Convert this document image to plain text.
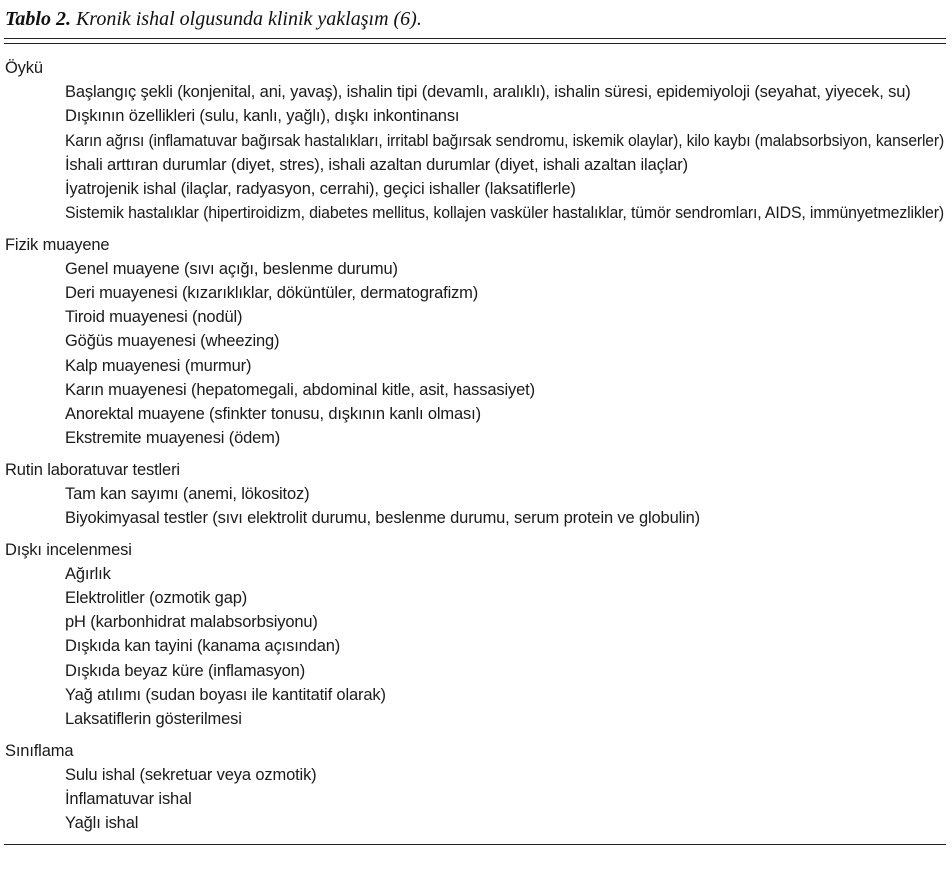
Tablo 2. Kronik ishal olgusunda klinik yaklaşım (6).
Öykü
Başlangıç şekli (konjenital, ani, yavaş), ishalin tipi (devamlı, aralıklı), ishalin süresi, epidemiyoloji (seyahat, yiyecek, su)
Dışkının özellikleri (sulu, kanlı, yağlı), dışkı inkontinansı
Karın ağrısı (inflamatuvar bağırsak hastalıkları, irritabl bağırsak sendromu, iskemik olaylar), kilo kaybı (malabsorbsiyon, kanserler)
İshali arttıran durumlar (diyet, stres), ishali azaltan durumlar (diyet, ishali azaltan ilaçlar)
İyatrojenik ishal (ilaçlar, radyasyon, cerrahi), geçici ishaller (laksatiflerle)
Sistemik hastalıklar (hipertiroidizm, diabetes mellitus, kollajen vasküler hastalıklar, tümör sendromları, AIDS, immünyetmezlikler)
Fizik muayene
Genel muayene (sıvı açığı, beslenme durumu)
Deri muayenesi (kızarıklıklar, döküntüler, dermatografizm)
Tiroid muayenesi (nodül)
Göğüs muayenesi (wheezing)
Kalp muayenesi (murmur)
Karın muayenesi (hepatomegali, abdominal kitle, asit, hassasiyet)
Anorektal muayene (sfinkter tonusu, dışkının kanlı olması)
Ekstremite muayenesi (ödem)
Rutin laboratuvar testleri
Tam kan sayımı (anemi, lökositoz)
Biyokimyasal testler (sıvı elektrolit durumu, beslenme durumu, serum protein ve globulin)
Dışkı incelenmesi
Ağırlık
Elektrolitler (ozmotik gap)
pH (karbonhidrat malabsorbsiyonu)
Dışkıda kan tayini (kanama açısından)
Dışkıda beyaz küre (inflamasyon)
Yağ atılımı (sudan boyası ile kantitatif olarak)
Laksatiflerin gösterilmesi
Sınıflama
Sulu ishal (sekretuar veya ozmotik)
İnflamatuvar ishal
Yağlı ishal
